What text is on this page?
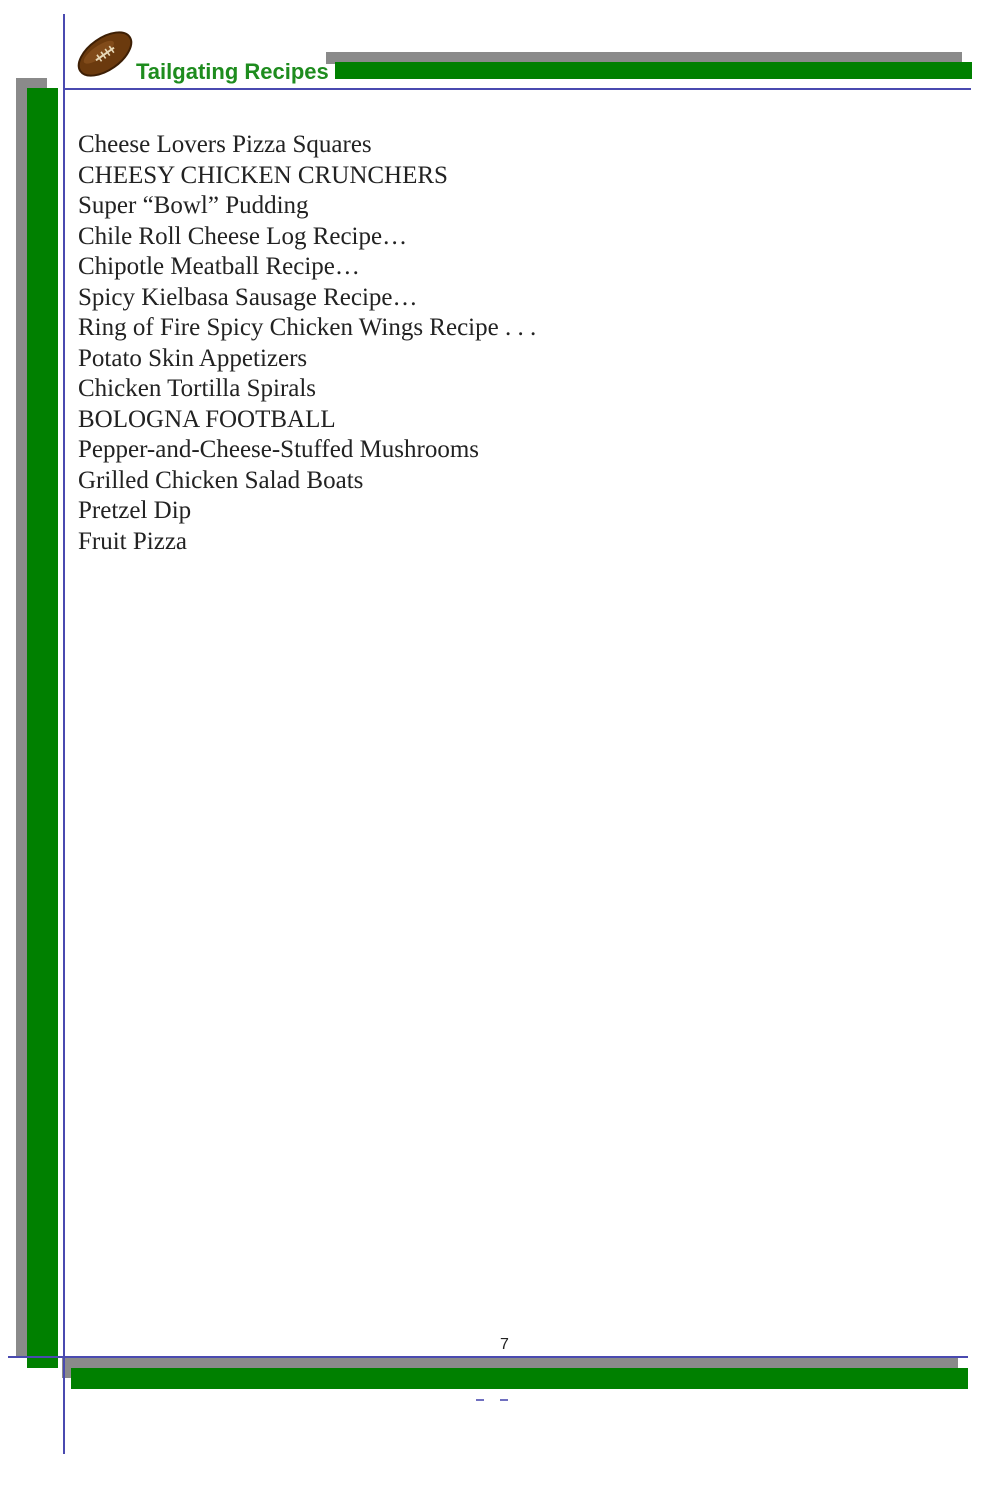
Tailgating Recipes
Cheese Lovers Pizza Squares
CHEESY CHICKEN CRUNCHERS
Super “Bowl” Pudding
Chile Roll Cheese Log Recipe…
Chipotle Meatball Recipe…
Spicy Kielbasa Sausage Recipe…
Ring of Fire Spicy Chicken Wings Recipe . . .
Potato Skin Appetizers
Chicken Tortilla Spirals
BOLOGNA FOOTBALL
Pepper-and-Cheese-Stuffed Mushrooms
Grilled Chicken Salad Boats
Pretzel Dip
Fruit Pizza
7
